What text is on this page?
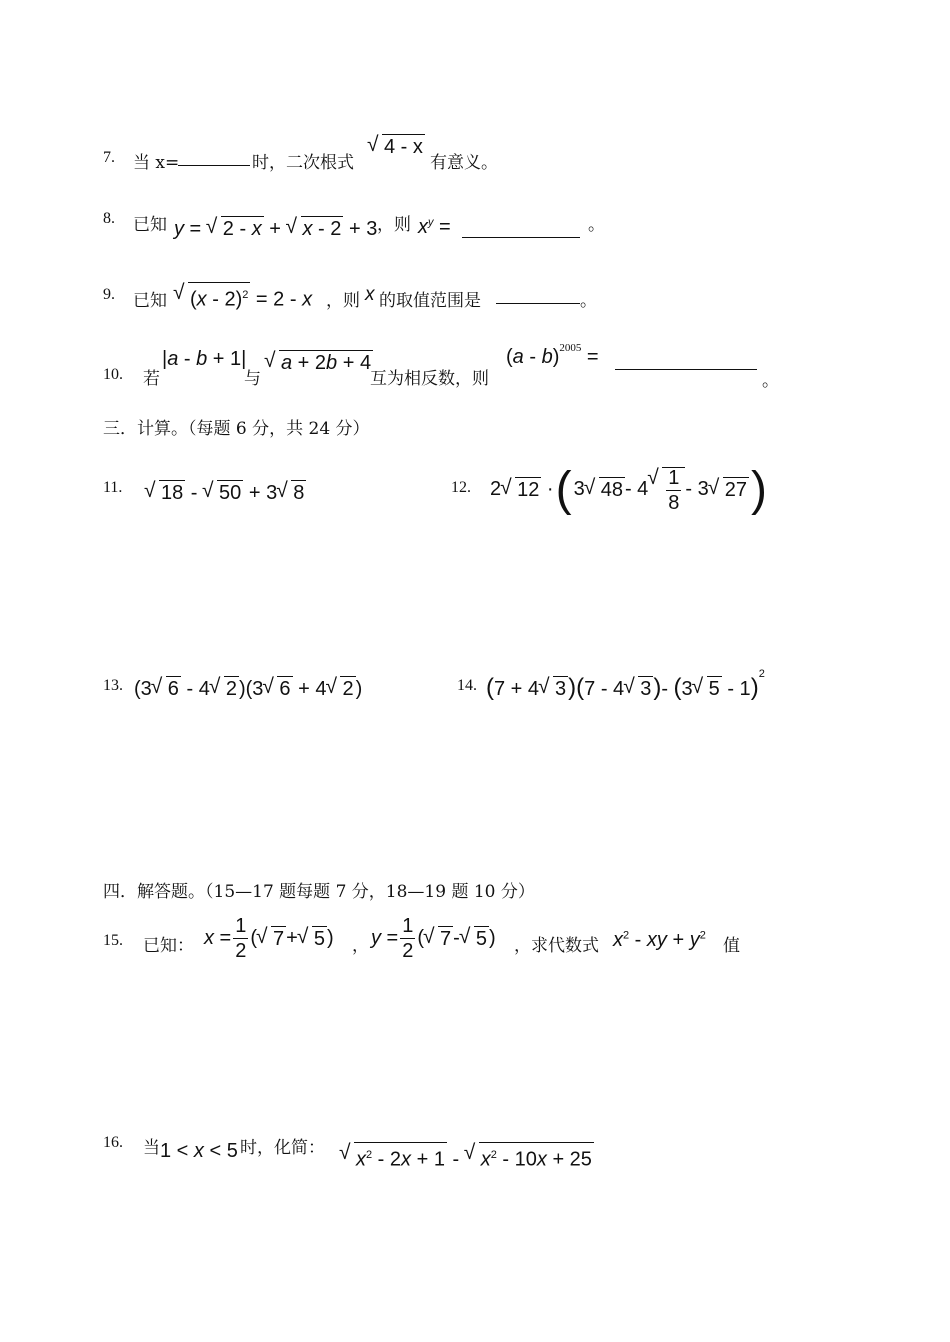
7. 当 x=	时，二次根式
√ 4 - x
有意义。
8. 已知 y = √ 2 - x + √ x - 2 + 3 ，则 $x^y$ =	。
9. 已知	√ (x - 2)$^2$ = 2 - x ，则 x 的取值范围是	。
10. 若
|a - b + 1|
与
√ a + 2b + 4
互为相反数，则
(a - b)$^{2005}$ =
。
三．计算。（每题 6 分，共 24 分）
11.	√ 18 - √ 50 + 3 √ 8	12. 2 √ 12 · ( 3 √ 48 - 4 √ $\frac{1}{8} - 3$ √ 27 )
13. (3 √ 6 - 4 √ 2 )(3 √ 6 + 4 √ 2 )	14. (7 + 4 √ 3)(7 - 4 √ 3)- (3 √ 5 - 1)$^2$
四．解答题。（15—17 题每题 7 分，18—19 题 10 分）
15. 已知： $x = \frac{1}{2}$ ( √ 7 + √ 5 ) ， $y = \frac{1}{2}$ ( √ 7 - √ 5 ) ，求代数式 $x^2$ - xy + $y^2$
值
16. 当 1 < x < 5 时，化简：
√ $x^2 - 2x + 1$ - √ $x^2 - 10x + 25$
